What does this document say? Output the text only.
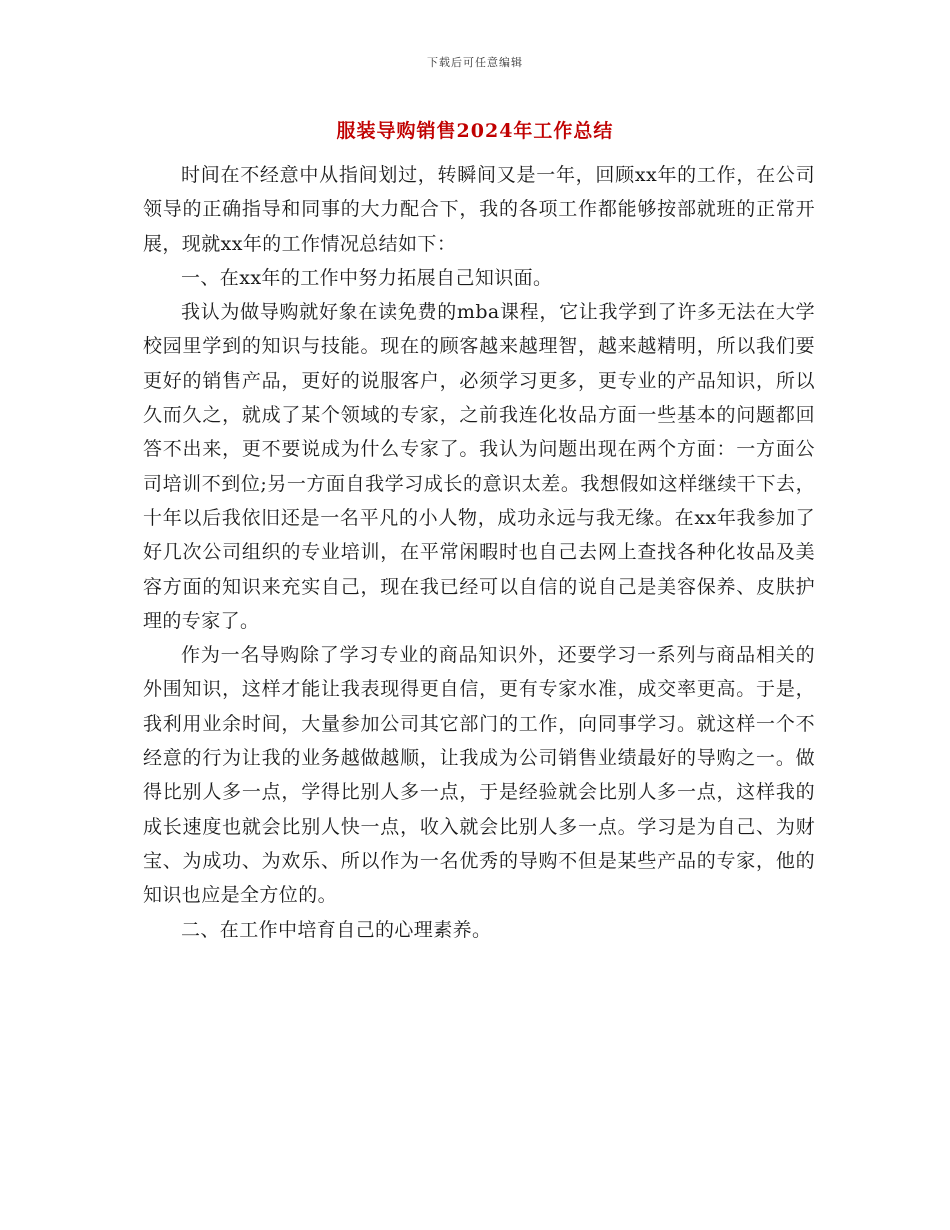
下载后可任意编辑
服装导购销售2024年工作总结

时间在不经意中从指间划过，转瞬间又是一年，回顾xx年的工作，在公司领导的正确指导和同事的大力配合下，我的各项工作都能够按部就班的正常开展，现就xx年的工作情况总结如下：

一、在xx年的工作中努力拓展自己知识面。

我认为做导购就好象在读免费的mba课程，它让我学到了许多无法在大学校园里学到的知识与技能。现在的顾客越来越理智，越来越精明，所以我们要更好的销售产品，更好的说服客户，必须学习更多，更专业的产品知识，所以久而久之，就成了某个领域的专家，之前我连化妆品方面一些基本的问题都回答不出来，更不要说成为什么专家了。我认为问题出现在两个方面：一方面公司培训不到位;另一方面自我学习成长的意识太差。我想假如这样继续干下去，十年以后我依旧还是一名平凡的小人物，成功永远与我无缘。在xx年我参加了好几次公司组织的专业培训，在平常闲暇时也自己去网上查找各种化妆品及美容方面的知识来充实自己，现在我已经可以自信的说自己是美容保养、皮肤护理的专家了。

作为一名导购除了学习专业的商品知识外，还要学习一系列与商品相关的外围知识，这样才能让我表现得更自信，更有专家水准，成交率更高。于是，我利用业余时间，大量参加公司其它部门的工作，向同事学习。就这样一个不经意的行为让我的业务越做越顺，让我成为公司销售业绩最好的导购之一。做得比别人多一点，学得比别人多一点，于是经验就会比别人多一点，这样我的成长速度也就会比别人快一点，收入就会比别人多一点。学习是为自己、为财宝、为成功、为欢乐、所以作为一名优秀的导购不但是某些产品的专家，他的知识也应是全方位的。

二、在工作中培育自己的心理素养。
